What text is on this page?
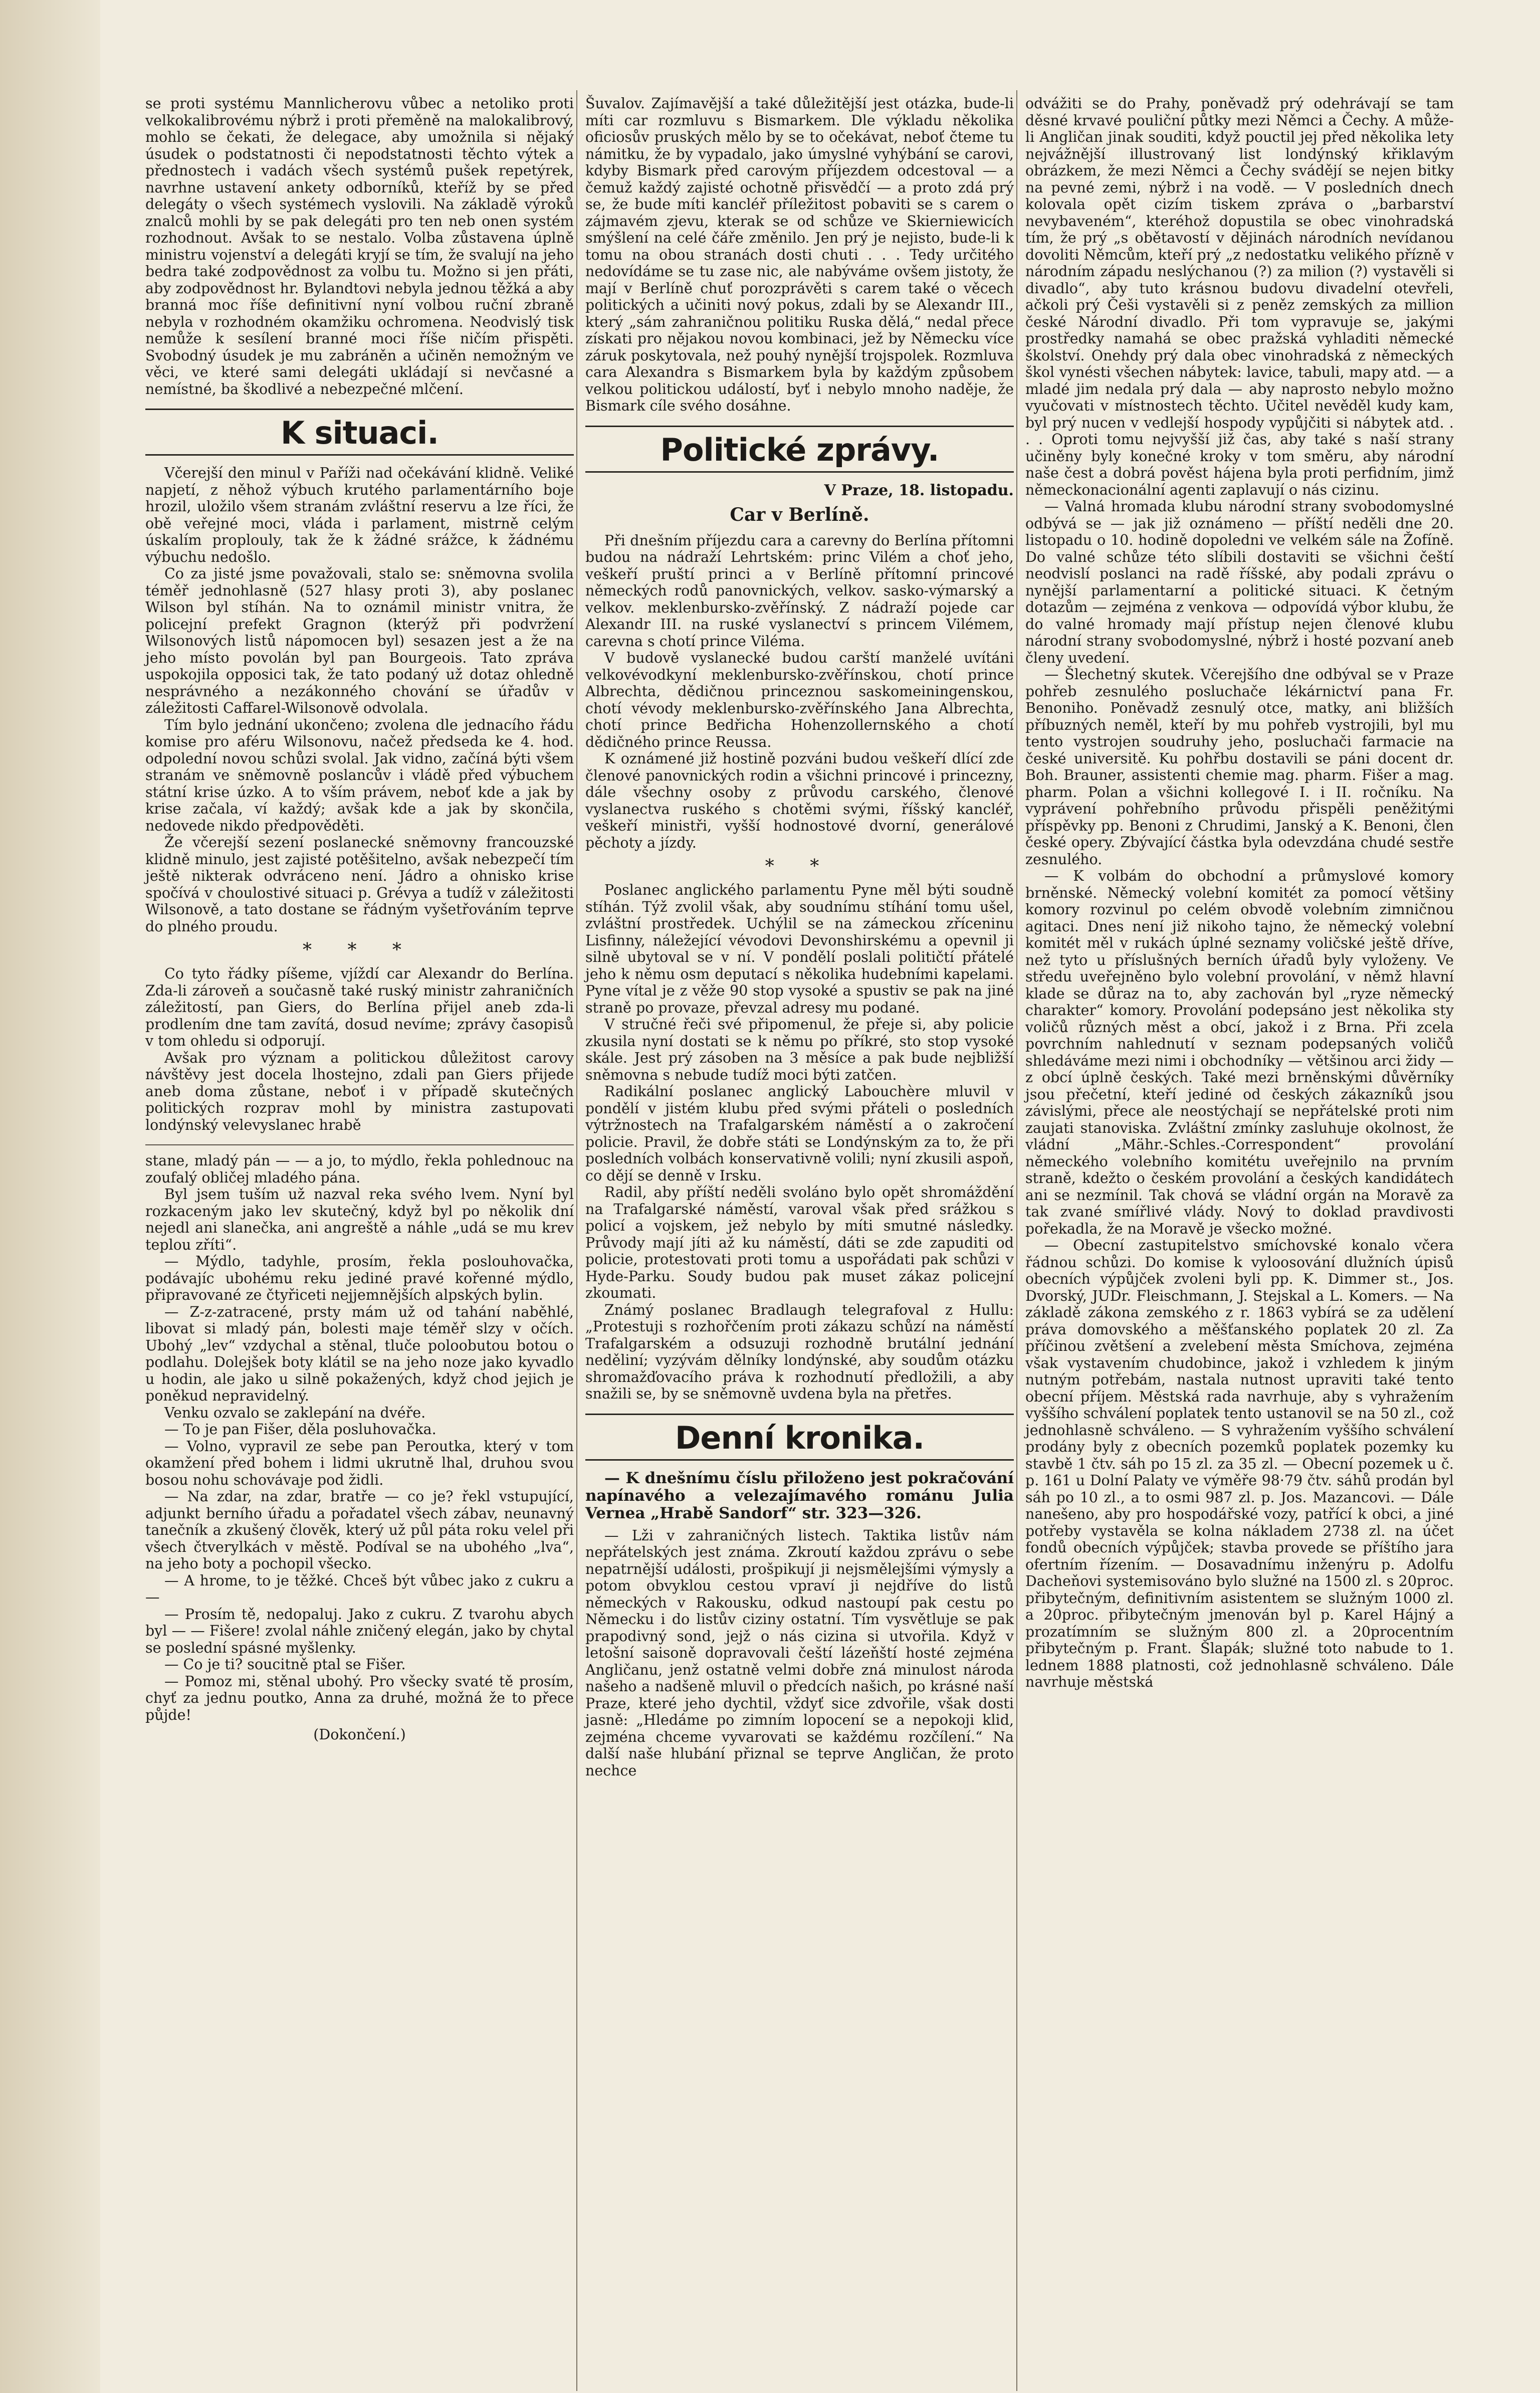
se proti systému Mannlicherovu vůbec a netoliko proti velkokalibrovému nýbrž i proti přeměně na malokalibrový, mohlo se čekati, že delegace, aby umožnila si nějaký úsudek o podstatnosti či nepodstatnosti těchto výtek a přednostech i vadách všech systémů pušek repetýrek, navrhne ustavení ankety odborníků, kteříž by se před delegáty o všech systémech vyslovili. Na základě výroků znalců mohli by se pak delegáti pro ten neb onen systém rozhodnout. Avšak to se nestalo. Volba zůstavena úplně ministru vojenství a delegáti kryjí se tím, že svalují na jeho bedra také zodpovědnost za volbu tu. Možno si jen přáti, aby zodpovědnost hr. Bylandtovi nebyla jednou těžká a aby branná moc říše definitivní nyní volbou ruční zbraně nebyla v rozhodném okamžiku ochromena. Neodvislý tisk nemůže k sesílení branné moci říše ničím přispěti. Svobodný úsudek je mu zabráněn a učiněn nemožným ve věci, ve které sami delegáti ukládají si nevčasné a nemístné, ba škodlivé a nebezpečné mlčení.

K situaci.

Včerejší den minul v Paříži nad očekávání klidně. Veliké napjetí, z něhož výbuch krutého parlamentárního boje hrozil, uložilo všem stranám zvláštní reservu a lze říci, že obě veřejné moci, vláda i parlament, mistrně celým úskalím proplouly, tak že k žádné srážce, k žádnému výbuchu nedošlo.

Co za jisté jsme považovali, stalo se: sněmovna svolila téměř jednohlasně (527 hlasy proti 3), aby poslanec Wilson byl stíhán. Na to oznámil ministr vnitra, že policejní prefekt Gragnon (kterýž při podvržení Wilsonových listů nápomocen byl) sesazen jest a že na jeho místo povolán byl pan Bourgeois. Tato zpráva uspokojila opposici tak, že tato podaný už dotaz ohledně nesprávného a nezákonného chování se úřadův v záležitosti Caffarel-Wilsonově odvolala.

Tím bylo jednání ukončeno; zvolena dle jednacího řádu komise pro aféru Wilsonovu, načež předseda ke 4. hod. odpolední novou schůzi svolal. Jak vidno, začíná býti všem stranám ve sněmovně poslancův i vládě před výbuchem státní krise úzko. A to vším právem, neboť kde a jak by krise začala, ví každý; avšak kde a jak by skončila, nedovede nikdo předpověděti.

Že včerejší sezení poslanecké sněmovny francouzské klidně minulo, jest zajisté potěšitelno, avšak nebezpečí tím ještě nikterak odvráceno není. Jádro a ohnisko krise spočívá v choulostivé situaci p. Grévya a tudíž v záležitosti Wilsonově, a tato dostane se řádným vyšetřováním teprve do plného proudu.

* * *

Co tyto řádky píšeme, vjíždí car Alexandr do Berlína. Zda-li zároveň a současně také ruský ministr zahraničních záležitostí, pan Giers, do Berlína přijel aneb zda-li prodlením dne tam zavítá, dosud nevíme; zprávy časopisů v tom ohledu si odporují.

Avšak pro význam a politickou důležitost carovy návštěvy jest docela lhostejno, zdali pan Giers přijede aneb doma zůstane, neboť i v případě skutečných politických rozprav mohl by ministra zastupovati londýnský velevyslanec hrabě

stane, mladý pán — — a jo, to mýdlo, řekla pohlednouc na zoufalý obličej mladého pána.

Byl jsem tuším už nazval reka svého lvem. Nyní byl rozkaceným jako lev skutečný, když byl po několik dní nejedl ani slanečka, ani angreště a náhle „udá se mu krev teplou zříti“.

— Mýdlo, tadyhle, prosím, řekla poslouhovačka, podávajíc ubohému reku jediné pravé kořenné mýdlo, připravované ze čtyřiceti nejjemnějších alpských bylin.

— Z-z-zatracené, prsty mám už od tahání naběhlé, libovat si mladý pán, bolesti maje téměř slzy v očích. Ubohý „lev“ vzdychal a stěnal, tluče poloobutou botou o podlahu. Dolejšek boty klátil se na jeho noze jako kyvadlo u hodin, ale jako u silně pokažených, když chod jejich je poněkud nepravidelný.

Venku ozvalo se zaklepání na dvéře.

— To je pan Fišer, děla posluhovačka.

— Volno, vypravil ze sebe pan Peroutka, který v tom okamžení před bohem i lidmi ukrutně lhal, druhou svou bosou nohu schovávaje pod židli.

— Na zdar, na zdar, bratře — co je? řekl vstupující, adjunkt berního úřadu a pořadatel všech zábav, neunavný tanečník a zkušený člověk, který už půl páta roku velel při všech čtverylkách v městě. Podíval se na ubohého „lva“, na jeho boty a pochopil všecko.

— A hrome, to je těžké. Chceš být vůbec jako z cukru a —

— Prosím tě, nedopaluj. Jako z cukru. Z tvarohu abych byl — — Fišere! zvolal náhle zničený elegán, jako by chytal se poslední spásné myšlenky.

— Co je ti? soucitně ptal se Fišer.

— Pomoz mi, stěnal ubohý. Pro všecky svaté tě prosím, chyť za jednu poutko, Anna za druhé, možná že to přece půjde!

(Dokončení.)

Šuvalov. Zajímavější a také důležitější jest otázka, bude-li míti car rozmluvu s Bismarkem. Dle výkladu několika oficiosův pruských mělo by se to očekávat, neboť čteme tu námitku, že by vypadalo, jako úmyslné vyhýbání se carovi, kdyby Bismark před carovým příjezdem odcestoval — a čemuž každý zajisté ochotně přisvědčí — a proto zdá prý se, že bude míti kancléř příležitost pobaviti se s carem o zájmavém zjevu, kterak se od schůze ve Skierniewicích smýšlení na celé čáře změnilo. Jen prý je nejisto, bude-li k tomu na obou stranách dosti chuti . . . Tedy určitého nedovídáme se tu zase nic, ale nabýváme ovšem jistoty, že mají v Berlíně chuť porozprávěti s carem také o věcech politických a učiniti nový pokus, zdali by se Alexandr III., který „sám zahraničnou politiku Ruska dělá,“ nedal přece získati pro nějakou novou kombinaci, jež by Německu více záruk poskytovala, než pouhý nynější trojspolek. Rozmluva cara Alexandra s Bismarkem byla by každým způsobem velkou politickou událostí, byť i nebylo mnoho naděje, že Bismark cíle svého dosáhne.

Politické zprávy.
V Praze, 18. listopadu.
Car v Berlíně.

Při dnešním příjezdu cara a carevny do Berlína přítomni budou na nádraží Lehrtském: princ Vilém a choť jeho, veškeří pruští princi a v Berlíně přítomní princové německých rodů panovnických, velkov. sasko-výmarský a velkov. meklenbursko-zvěřínský. Z nádraží pojede car Alexandr III. na ruské vyslanectví s princem Vilémem, carevna s chotí prince Viléma.

V budově vyslanecké budou carští manželé uvítáni velkovévodkyní meklenbursko-zvěřínskou, chotí prince Albrechta, dědičnou princeznou saskomeiningenskou, chotí vévody meklenbursko-zvěřínského Jana Albrechta, chotí prince Bedřicha Hohenzollernského a chotí dědičného prince Reussa.

K oznámené již hostině pozváni budou veškeří dlící zde členové panovnických rodin a všichni princové i princezny, dále všechny osoby z průvodu carského, členové vyslanectva ruského s chotěmi svými, říšský kancléř, veškeří ministři, vyšší hodnostové dvorní, generálové pěchoty a jízdy.

* *

Poslanec anglického parlamentu Pyne měl býti soudně stíhán. Týž zvolil však, aby soudnímu stíhání tomu ušel, zvláštní prostředek. Uchýlil se na zámeckou zříceninu Lisfinny, náležející vévodovi Devonshirskému a opevnil ji silně ubytoval se v ní. V pondělí poslali političtí přátelé jeho k němu osm deputací s několika hudebními kapelami. Pyne vítal je z věže 90 stop vysoké a spustiv se pak na jiné straně po provaze, převzal adresy mu podané.

V stručné řeči své připomenul, že přeje si, aby policie zkusila nyní dostati se k němu po příkré, sto stop vysoké skále. Jest prý zásoben na 3 měsíce a pak bude nejbližší sněmovna s nebude tudíž moci býti zatčen.

Radikální poslanec anglický Labouchère mluvil v pondělí v jistém klubu před svými přáteli o posledních výtržnostech na Trafalgarském náměstí a o zakročení policie. Pravil, že dobře státi se Londýnským za to, že při posledních volbách konservativně volili; nyní zkusili aspoň, co dějí se denně v Irsku.

Radil, aby příští neděli svoláno bylo opět shromáždění na Trafalgarské náměstí, varoval však před srážkou s policí a vojskem, jež nebylo by míti smutné následky. Průvody mají jíti až ku náměstí, dáti se zde zapuditi od policie, protestovati proti tomu a uspořádati pak schůzi v Hyde-Parku. Soudy budou pak muset zákaz policejní zkoumati.

Známý poslanec Bradlaugh telegrafoval z Hullu: „Protestuji s rozhořčením proti zákazu schůzí na náměstí Trafalgarském a odsuzuji rozhodně brutální jednání neděliní; vyzývám dělníky londýnské, aby soudům otázku shromažďovacího práva k rozhodnutí předložili, a aby snažili se, by se sněmovně uvdena byla na přetřes.

Denní kronika.

— K dnešnímu číslu přiloženo jest pokračování napínavého a velezajímavého románu Julia Vernea „Hrabě Sandorf“ str. 323—326.

— Lži v zahraničných listech. Taktika listův nám nepřátelských jest známa. Zkroutí každou zprávu o sebe nepatrnější události, prošpikují ji nejsmělejšími výmysly a potom obvyklou cestou vpraví ji nejdříve do listů německých v Rakousku, odkud nastoupí pak cestu po Německu i do listův ciziny ostatní. Tím vysvětluje se pak prapodivný sond, jejž o nás cizina si utvořila. Když v letošní saisoně dopravovali čeští lázeňští hosté zejména Angličanu, jenž ostatně velmi dobře zná minulost národa našeho a nadšeně mluvil o předcích našich, po krásné naší Praze, které jeho dychtil, vždyť sice zdvořile, však dosti jasně: „Hledáme po zimním lopocení se a nepokoji klid, zejména chceme vyvarovati se každému rozčílení.“ Na další naše hlubání přiznal se teprve Angličan, že proto nechce

odvážiti se do Prahy, poněvadž prý odehrávají se tam děsné krvavé pouliční půtky mezi Němci a Čechy. A může-li Angličan jinak souditi, když pouctil jej před několika lety nejvážnější illustrovaný list londýnský křiklavým obrázkem, že mezi Němci a Čechy svádějí se nejen bitky na pevné zemi, nýbrž i na vodě. — V posledních dnech kolovala opět cizím tiskem zpráva o „barbarství nevybaveném“, kteréhož dopustila se obec vinohradská tím, že prý „s obětavostí v dějinách národních nevídanou dovoliti Němcům, kteří prý „z nedostatku velikého přízně v národním západu neslýchanou (?) za milion (?) vystavěli si divadlo“, aby tuto krásnou budovu divadelní otevřeli, ačkoli prý Češi vystavěli si z peněz zemských za million české Národní divadlo. Při tom vypravuje se, jakými prostředky namahá se obec pražská vyhladiti německé školství. Onehdy prý dala obec vinohradská z německých škol vynésti všechen nábytek: lavice, tabuli, mapy atd. — a mladé jim nedala prý dala — aby naprosto nebylo možno vyučovati v místnostech těchto. Učitel nevěděl kudy kam, byl prý nucen v vedlejší hospody vypůjčiti si nábytek atd. . . . Oproti tomu nejvyšší již čas, aby také s naší strany učiněny byly konečné kroky v tom směru, aby národní naše čest a dobrá pověst hájena byla proti perfidním, jimž německonacionální agenti zaplavují o nás cizinu.

— Valná hromada klubu národní strany svobodomyslné odbývá se — jak již oznámeno — příští neděli dne 20. listopadu o 10. hodině dopoledni ve velkém sále na Žofíně. Do valné schůze této slíbili dostaviti se všichni čeští neodvislí poslanci na radě říšské, aby podali zprávu o nynější parlamentarní a politické situaci. K četným dotazům — zejména z venkova — odpovídá výbor klubu, že do valné hromady mají přístup nejen členové klubu národní strany svobodomyslné, nýbrž i hosté pozvaní aneb členy uvedení.

— Šlechetný skutek. Včerejšího dne odbýval se v Praze pohřeb zesnulého posluchače lékárnictví pana Fr. Benoniho. Poněvadž zesnulý otce, matky, ani bližších příbuzných neměl, kteří by mu pohřeb vystrojili, byl mu tento vystrojen soudruhy jeho, posluchači farmacie na české universitě. Ku pohřbu dostavili se páni docent dr. Boh. Brauner, assistenti chemie mag. pharm. Fišer a mag. pharm. Polan a všichni kollegové I. i II. ročníku. Na vyprávení pohřebního průvodu přispěli peněžitými příspěvky pp. Benoni z Chrudimi, Janský a K. Benoni, člen české opery. Zbývající částka byla odevzdána chudé sestře zesnulého.

— K volbám do obchodní a průmyslové komory brněnské. Německý volební komitét za pomocí většiny komory rozvinul po celém obvodě volebním zimničnou agitaci. Dnes není již nikoho tajno, že německý volební komitét měl v rukách úplné seznamy voličské ještě dříve, než tyto u příslušných berních úřadů byly vyloženy. Ve středu uveřejněno bylo volební provolání, v němž hlavní klade se důraz na to, aby zachován byl „ryze německý charakter“ komory. Provolání podepsáno jest několika sty voličů různých měst a obcí, jakož i z Brna. Při zcela povrchním nahlednutí v seznam podepsaných voličů shledáváme mezi nimi i obchodníky — většinou arci židy — z obcí úplně českých. Také mezi brněnskými důvěrníky jsou přečetní, kteří jediné od českých zákazníků jsou závislými, přece ale neostýchají se nepřátelské proti nim zaujati stanoviska. Zvláštní zmínky zasluhuje okolnost, že vládní „Mähr.-Schles.-Correspondent“ provolání německého volebního komitétu uveřejnilo na prvním straně, kdežto o českém provolání a českých kandidátech ani se nezmínil. Tak chová se vládní orgán na Moravě za tak zvané smířlivé vlády. Nový to doklad pravdivosti pořekadla, že na Moravě je všecko možné.

— Obecní zastupitelstvo smíchovské konalo včera řádnou schůzi. Do komise k vyloosování dlužních úpisů obecních výpůjček zvoleni byli pp. K. Dimmer st., Jos. Dvorský, JUDr. Fleischmann, J. Stejskal a L. Komers. — Na základě zákona zemského z r. 1863 vybírá se za udělení práva domovského a měšťanského poplatek 20 zl. Za příčinou zvětšení a zvelebení města Smíchova, zejména však vystavením chudobince, jakož i vzhledem k jiným nutným potřebám, nastala nutnost upraviti také tento obecní příjem. Městská rada navrhuje, aby s vyhražením vyššího schválení poplatek tento ustanovil se na 50 zl., což jednohlasně schváleno. — S vyhražením vyššího schválení prodány byly z obecních pozemků poplatek pozemky ku stavbě 1 čtv. sáh po 15 zl. za 35 zl. — Obecní pozemek u č. p. 161 u Dolní Palaty ve výměře 98·79 čtv. sáhů prodán byl sáh po 10 zl., a to osmi 987 zl. p. Jos. Mazancovi. — Dále nanešeno, aby pro hospodářské vozy, patřící k obci, a jiné potřeby vystavěla se kolna nákladem 2738 zl. na účet fondů obecních výpůjček; stavba provede se příštího jara ofertním řízením. — Dosavadnímu inženýru p. Adolfu Dacheňovi systemisováno bylo služné na 1500 zl. s 20proc. přibytečným, definitivním asistentem se služným 1000 zl. a 20proc. přibytečným jmenován byl p. Karel Hájný a prozatímním se služným 800 zl. a 20procentním přibytečným p. Frant. Šlapák; služné toto nabude to 1. lednem 1888 platnosti, což jednohlasně schváleno. Dále navrhuje městská
